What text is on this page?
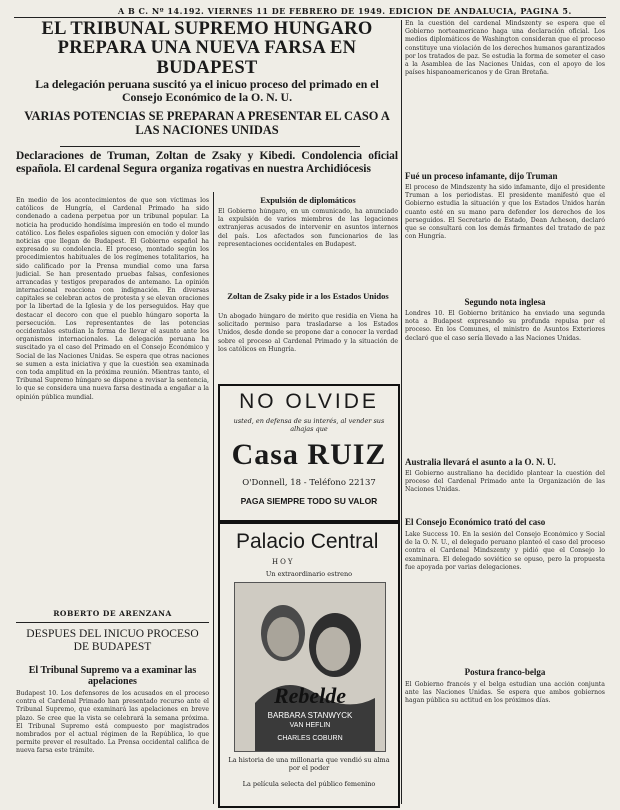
A B C. Nº 14.192. VIERNES 11 DE FEBRERO DE 1949. EDICION DE ANDALUCIA, PAGINA 5.
EL TRIBUNAL SUPREMO HUNGARO PREPARA UNA NUEVA FARSA EN BUDAPEST
La delegación peruana suscitó ya el inicuo proceso del primado en el Consejo Económico de la O. N. U.
VARIAS POTENCIAS SE PREPARAN A PRESENTAR EL CASO A LAS NACIONES UNIDAS
Declaraciones de Truman, Zoltan de Zsaky y Kibedi. Condolencia oficial española. El cardenal Segura organiza rogativas en nuestra Archidiócesis
En medio de los acontecimientos de que son víctimas los católicos de Hungría, el Cardenal Primado ha sido condenado a cadena perpetua por un tribunal popular. La noticia ha producido hondísima impresión en todo el mundo católico. Los fieles españoles siguen con emoción y dolor las noticias que llegan de Budapest. El Gobierno español ha expresado su condolencia. El proceso, montado según los procedimientos habituales de los regímenes totalitarios, ha sido calificado por la Prensa mundial como una farsa judicial. Se han presentado pruebas falsas, confesiones arrancadas y testigos preparados de antemano. La opinión internacional reacciona con indignación. En diversas capitales se celebran actos de protesta y se elevan oraciones por la libertad de la Iglesia y de los perseguidos. Hay que destacar el decoro con que el pueblo húngaro soporta la persecución. Los representantes de las potencias occidentales estudian la forma de llevar el asunto ante los organismos internacionales. La delegación peruana ha suscitado ya el caso del Primado en el Consejo Económico y Social de las Naciones Unidas. Se espera que otras naciones se sumen a esta iniciativa y que la cuestión sea examinada con toda amplitud en la próxima reunión. Mientras tanto, el Tribunal Supremo húngaro se dispone a revisar la sentencia, lo que se considera una nueva farsa destinada a engañar a la opinión pública mundial.
ROBERTO DE ARENZANA
DESPUES DEL INICUO PROCESO DE BUDAPEST
El Tribunal Supremo va a examinar las apelaciones
Budapest 10. Los defensores de los acusados en el proceso contra el Cardenal Primado han presentado recurso ante el Tribunal Supremo, que examinará las apelaciones en breve plazo. Se cree que la vista se celebrará la semana próxima. El Tribunal Supremo está compuesto por magistrados nombrados por el actual régimen de la República, lo que permite prever el resultado. La Prensa occidental califica de nueva farsa este trámite.
Expulsión de diplomáticos
El Gobierno húngaro, en un comunicado, ha anunciado la expulsión de varios miembros de las legaciones extranjeras acusados de intervenir en asuntos internos del país. Los afectados son funcionarios de las representaciones occidentales en Budapest.
Zoltan de Zsaky pide ir a los Estados Unidos
Un abogado húngaro de mérito que residía en Viena ha solicitado permiso para trasladarse a los Estados Unidos, desde donde se propone dar a conocer la verdad sobre el proceso al Cardenal Primado y la situación de los católicos en Hungría.
NO OLVIDE
usted, en defensa de su interés, al vender sus alhajas que
Casa RUIZ
O'Donnell, 18 - Teléfono 22137
PAGA SIEMPRE TODO SU VALOR
Palacio Central
HOY
Un extraordinario estreno
Rebelde
BARBARA STANWYCK
VAN HEFLIN
CHARLES COBURN
La historia de una millonaria que vendió su alma por el poder
La película selecta del público femenino
En la cuestión del cardenal Mindszenty se espera que el Gobierno norteamericano haga una declaración oficial. Los medios diplomáticos de Washington consideran que el proceso constituye una violación de los derechos humanos garantizados por los tratados de paz. Se estudia la forma de someter el caso a la Asamblea de las Naciones Unidas, con el apoyo de los países hispanoamericanos y de Gran Bretaña.
Fué un proceso infamante, dijo Truman
El proceso de Mindszenty ha sido infamante, dijo el presidente Truman a los periodistas. El presidente manifestó que el Gobierno estudia la situación y que los Estados Unidos harán cuanto esté en su mano para defender los derechos de los perseguidos. El Secretario de Estado, Dean Acheson, declaró que se consultará con los demás firmantes del tratado de paz con Hungría.
Segundo nota inglesa
Londres 10. El Gobierno británico ha enviado una segunda nota a Budapest expresando su profunda repulsa por el proceso. En los Comunes, el ministro de Asuntos Exteriores declaró que el caso sería llevado a las Naciones Unidas.
Australia llevará el asunto a la O. N. U.
El Gobierno australiano ha decidido plantear la cuestión del proceso del Cardenal Primado ante la Organización de las Naciones Unidas.
El Consejo Económico trató del caso
Lake Success 10. En la sesión del Consejo Económico y Social de la O. N. U., el delegado peruano planteó el caso del proceso contra el Cardenal Mindszenty y pidió que el Consejo lo examinara. El delegado soviético se opuso, pero la propuesta fue apoyada por varias delegaciones.
Postura franco-belga
El Gobierno francés y el belga estudian una acción conjunta ante las Naciones Unidas. Se espera que ambos gobiernos hagan pública su actitud en los próximos días.
